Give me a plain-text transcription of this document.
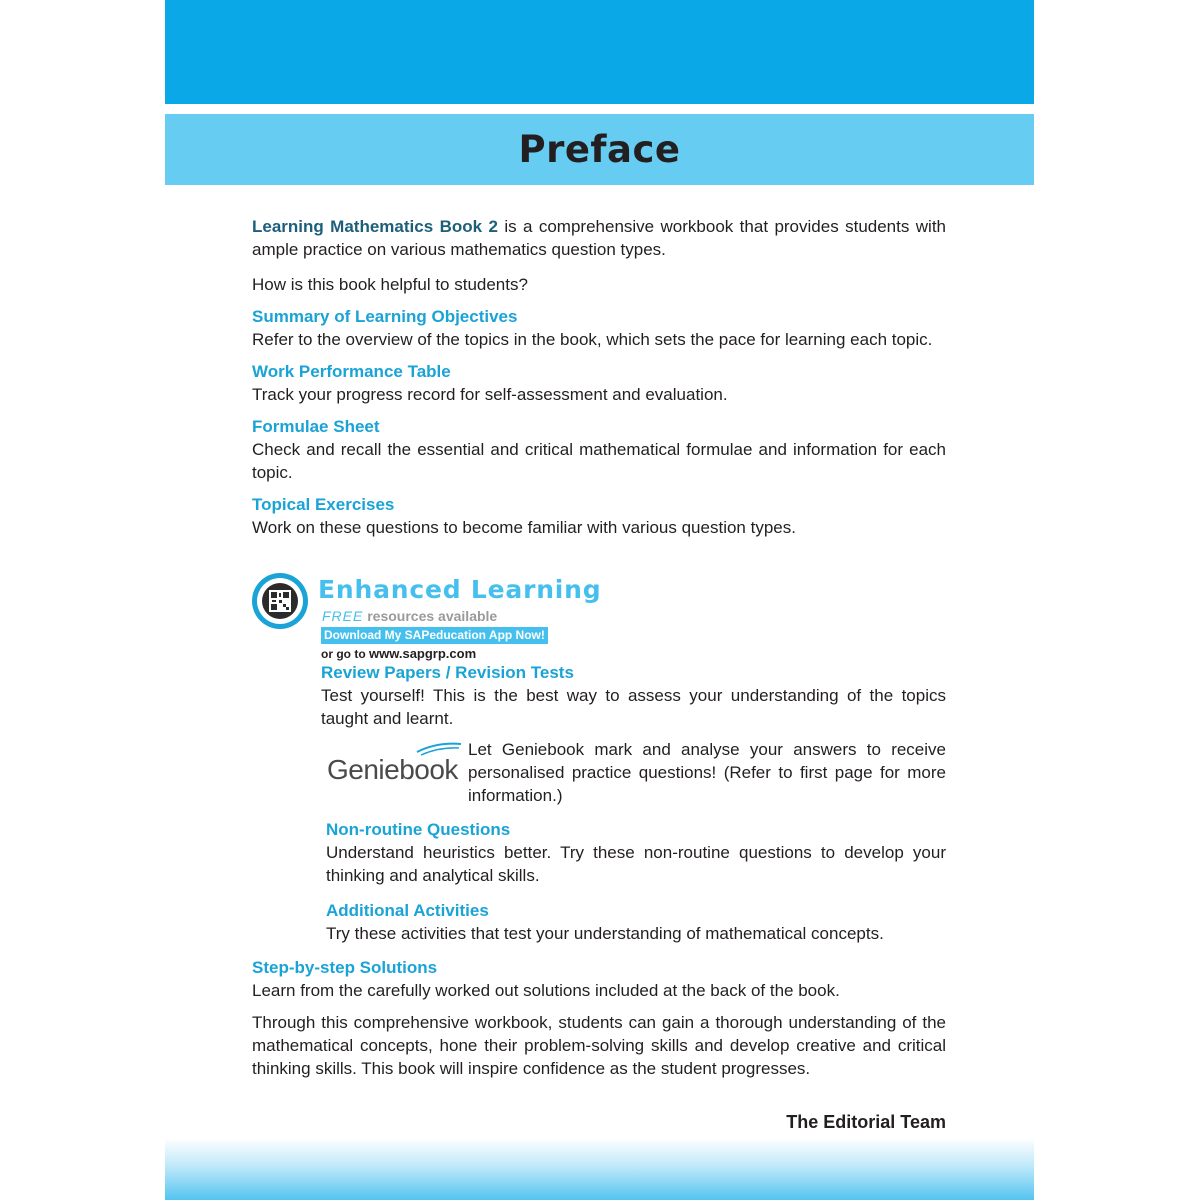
Preface

Learning Mathematics Book 2 is a comprehensive workbook that provides students with ample practice on various mathematics question types.

How is this book helpful to students?

Summary of Learning Objectives

Refer to the overview of the topics in the book, which sets the pace for learning each topic.

Work Performance Table

Track your progress record for self-assessment and evaluation.

Formulae Sheet

Check and recall the essential and critical mathematical formulae and information for each topic.

Topical Exercises

Work on these questions to become familiar with various question types.

Enhanced Learning
FREE resources available
Download My SAPeducation App Now!
or go to www.sapgrp.com
Review Papers / Revision Tests

Test yourself! This is the best way to assess your understanding of the topics taught and learnt.

Geniebook

Let Geniebook mark and analyse your answers to receive personalised practice questions! (Refer to first page for more information.)

Non-routine Questions

Understand heuristics better. Try these non-routine questions to develop your thinking and analytical skills.

Additional Activities

Try these activities that test your understanding of mathematical concepts.

Step-by-step Solutions

Learn from the carefully worked out solutions included at the back of the book.

Through this comprehensive workbook, students can gain a thorough understanding of the mathematical concepts, hone their problem-solving skills and develop creative and critical thinking skills. This book will inspire confidence as the student progresses.

The Editorial Team
